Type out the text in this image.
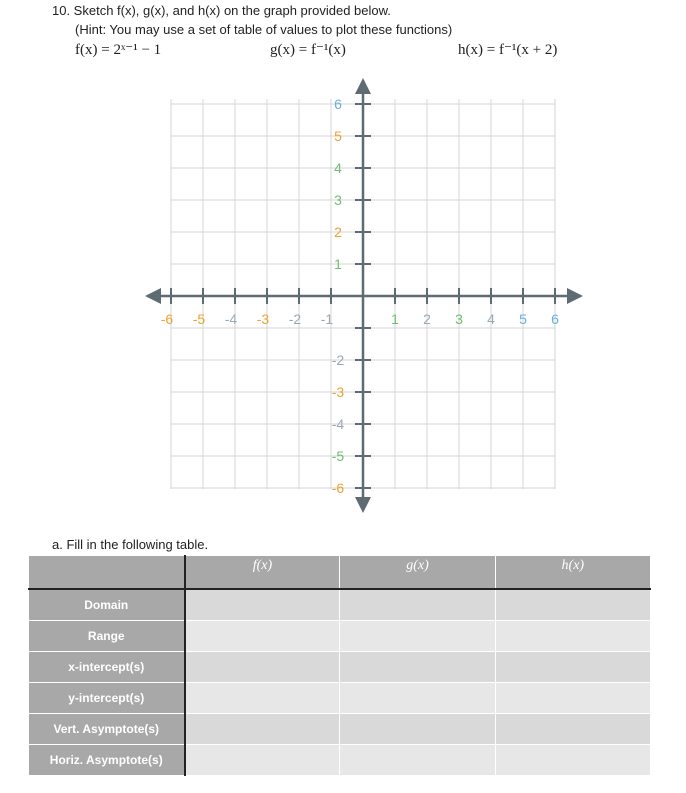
10. Sketch f(x), g(x), and h(x) on the graph provided below.
(Hint: You may use a set of table of values to plot these functions)
f(x) = 2ˣ⁻¹ − 1	g(x) = f⁻¹(x)	h(x) = f⁻¹(x + 2)
-6 -5 -4 -3 -2 -1	1 2 3 4 5 6
6
5
4
3
2
1
-2
-3
-4
-5
-6
a. Fill in the following table.
	f(x)	g(x)	h(x)
Domain			
Range			
x-intercept(s)			
y-intercept(s)			
Vert. Asymptote(s)			
Horiz. Asymptote(s)			
